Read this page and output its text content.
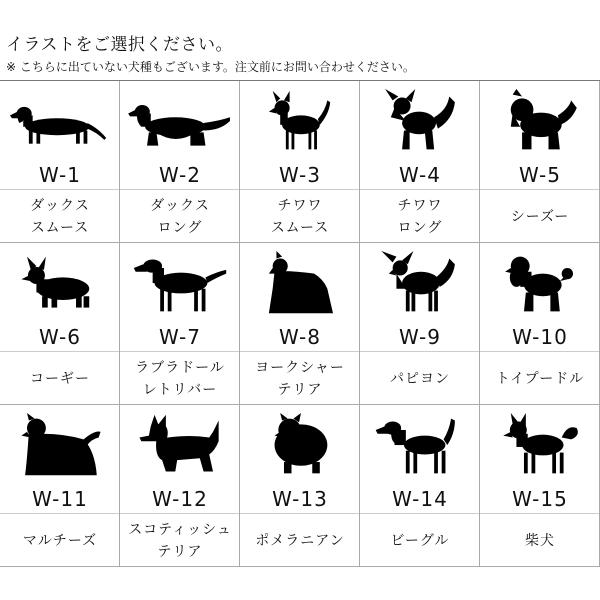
イラストをご選択ください。
※ こちらに出ていない犬種もございます。注文前にお問い合わせください。
W-1
ダックス
スムース
W-2
ダックス
ロング
W-3
チワワ
スムース
W-4
チワワ
ロング
W-5
シーズー
W-6
コーギー
W-7
ラブラドール
レトリバー
W-8
ヨークシャー
テリア
W-9
パピヨン
W-10
トイプードル
W-11
マルチーズ
W-12
スコティッシュ
テリア
W-13
ポメラニアン
W-14
ビーグル
W-15
柴犬
